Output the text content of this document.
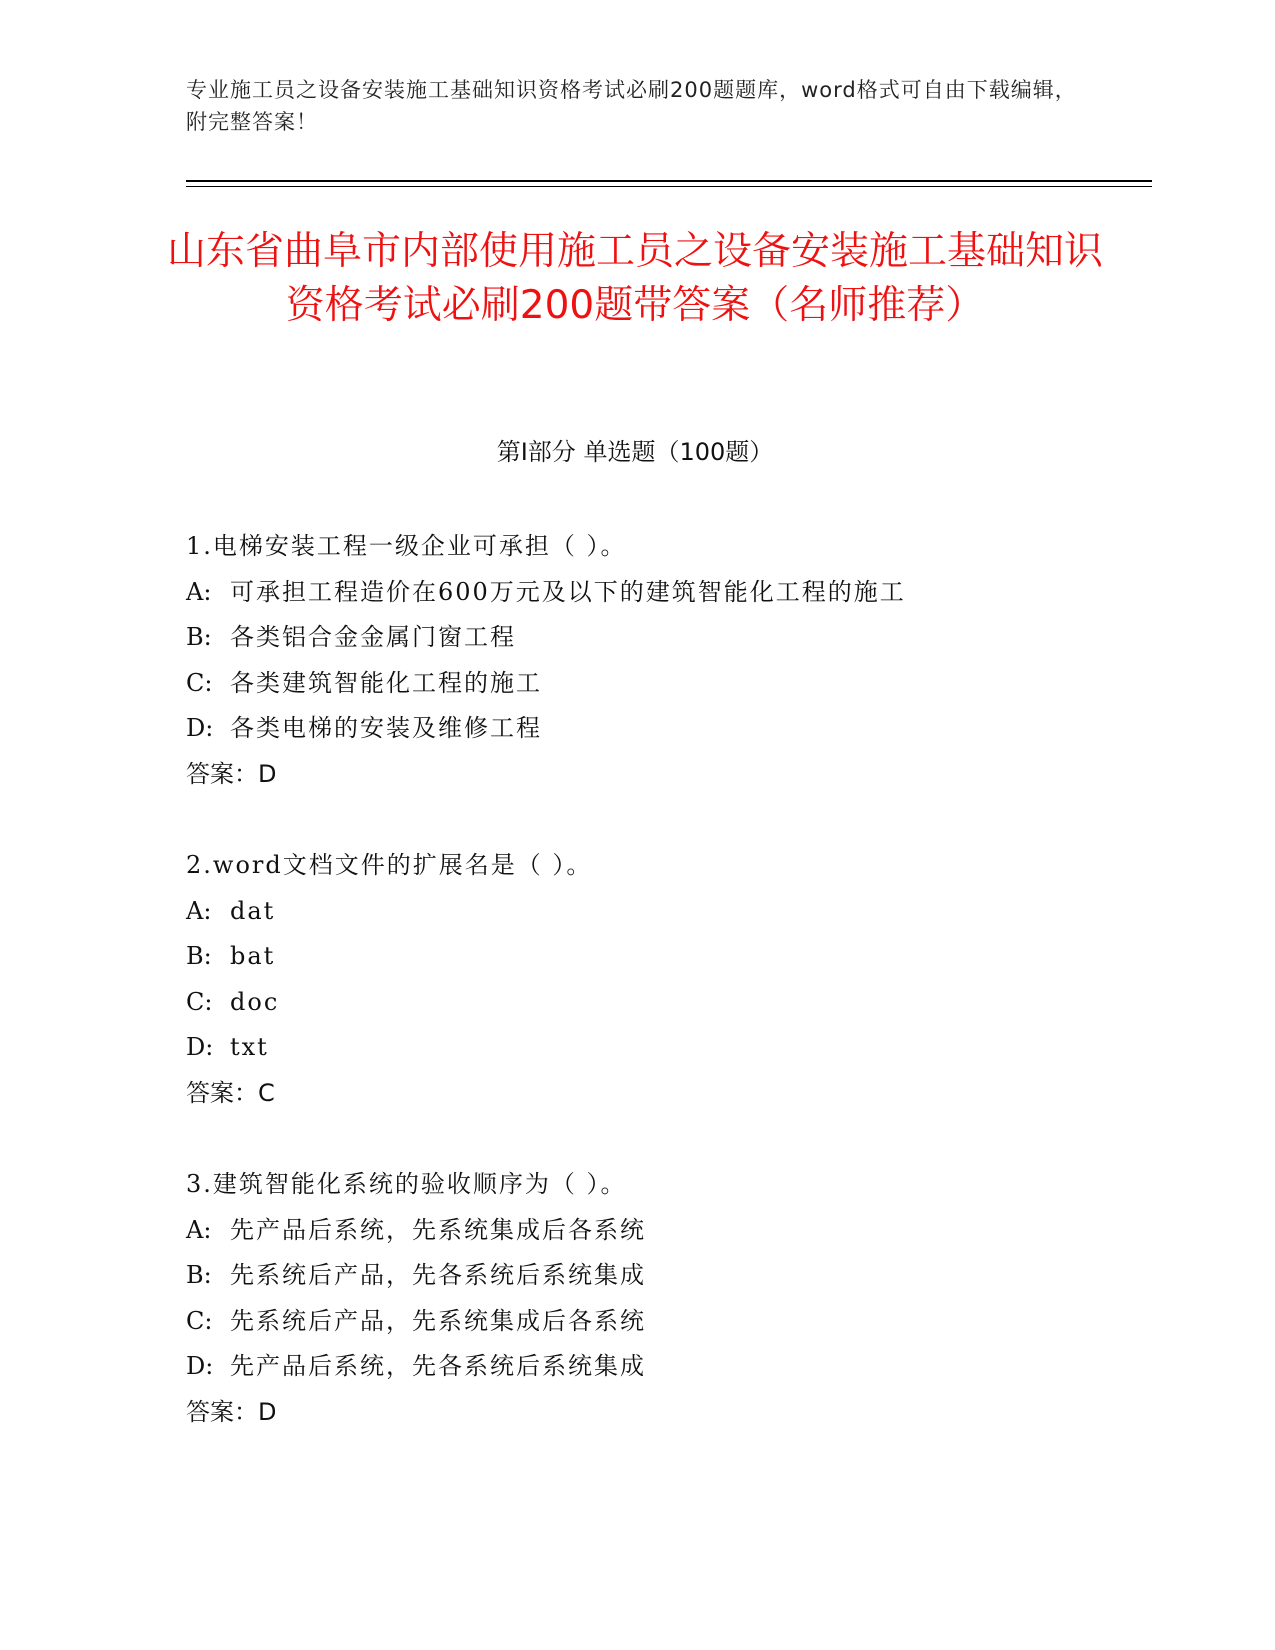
专业施工员之设备安装施工基础知识资格考试必刷200题题库，word格式可自由下载编辑，附完整答案！
山东省曲阜市内部使用施工员之设备安装施工基础知识资格考试必刷200题带答案（名师推荐）
第I部分 单选题（100题）
1.电梯安装工程一级企业可承担（ ）。
A: 可承担工程造价在600万元及以下的建筑智能化工程的施工
B: 各类铝合金金属门窗工程
C: 各类建筑智能化工程的施工
D: 各类电梯的安装及维修工程
答案：D
2.word文档文件的扩展名是（ ）。
A: dat
B: bat
C: doc
D: txt
答案：C
3.建筑智能化系统的验收顺序为（ ）。
A: 先产品后系统，先系统集成后各系统
B: 先系统后产品，先各系统后系统集成
C: 先系统后产品，先系统集成后各系统
D: 先产品后系统，先各系统后系统集成
答案：D
